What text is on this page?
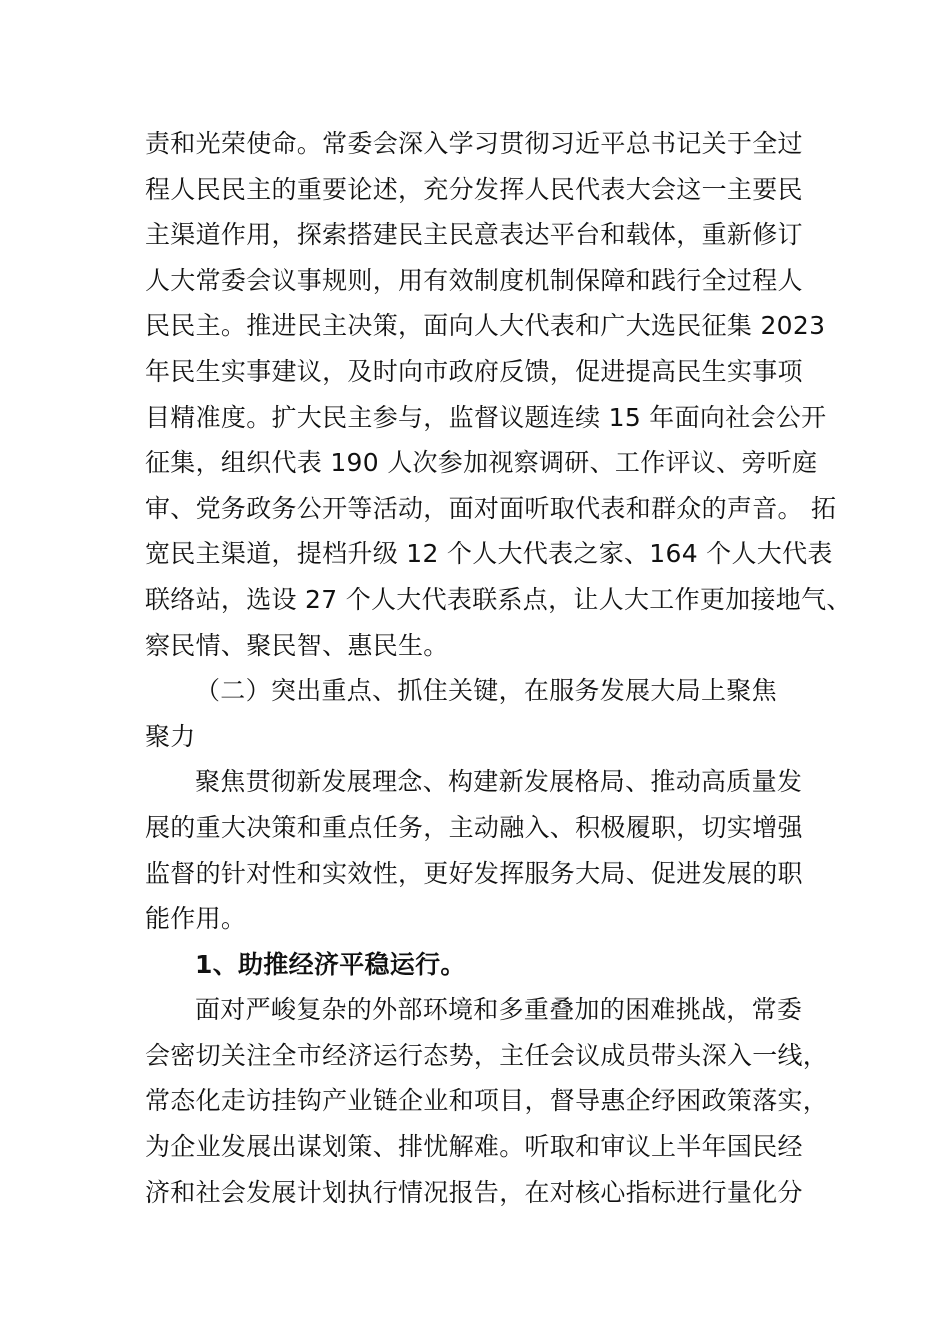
责和光荣使命。常委会深入学习贯彻习近平总书记关于全过
程人民民主的重要论述，充分发挥人民代表大会这一主要民
主渠道作用，探索搭建民主民意表达平台和载体，重新修订
人大常委会议事规则，用有效制度机制保障和践行全过程人
民民主。推进民主决策，面向人大代表和广大选民征集 2023
年民生实事建议，及时向市政府反馈，促进提高民生实事项
目精准度。扩大民主参与，监督议题连续 15 年面向社会公开
征集，组织代表 190 人次参加视察调研、工作评议、旁听庭
审、党务政务公开等活动，面对面听取代表和群众的声音。 拓
宽民主渠道，提档升级 12 个人大代表之家、164 个人大代表
联络站，选设 27 个人大代表联系点，让人大工作更加接地气、
察民情、聚民智、惠民生。
（二）突出重点、抓住关键，在服务发展大局上聚焦
聚力
聚焦贯彻新发展理念、构建新发展格局、推动高质量发
展的重大决策和重点任务，主动融入、积极履职，切实增强
监督的针对性和实效性，更好发挥服务大局、促进发展的职
能作用。
1、助推经济平稳运行。
面对严峻复杂的外部环境和多重叠加的困难挑战，常委
会密切关注全市经济运行态势，主任会议成员带头深入一线，
常态化走访挂钩产业链企业和项目，督导惠企纾困政策落实，
为企业发展出谋划策、排忧解难。听取和审议上半年国民经
济和社会发展计划执行情况报告，在对核心指标进行量化分
